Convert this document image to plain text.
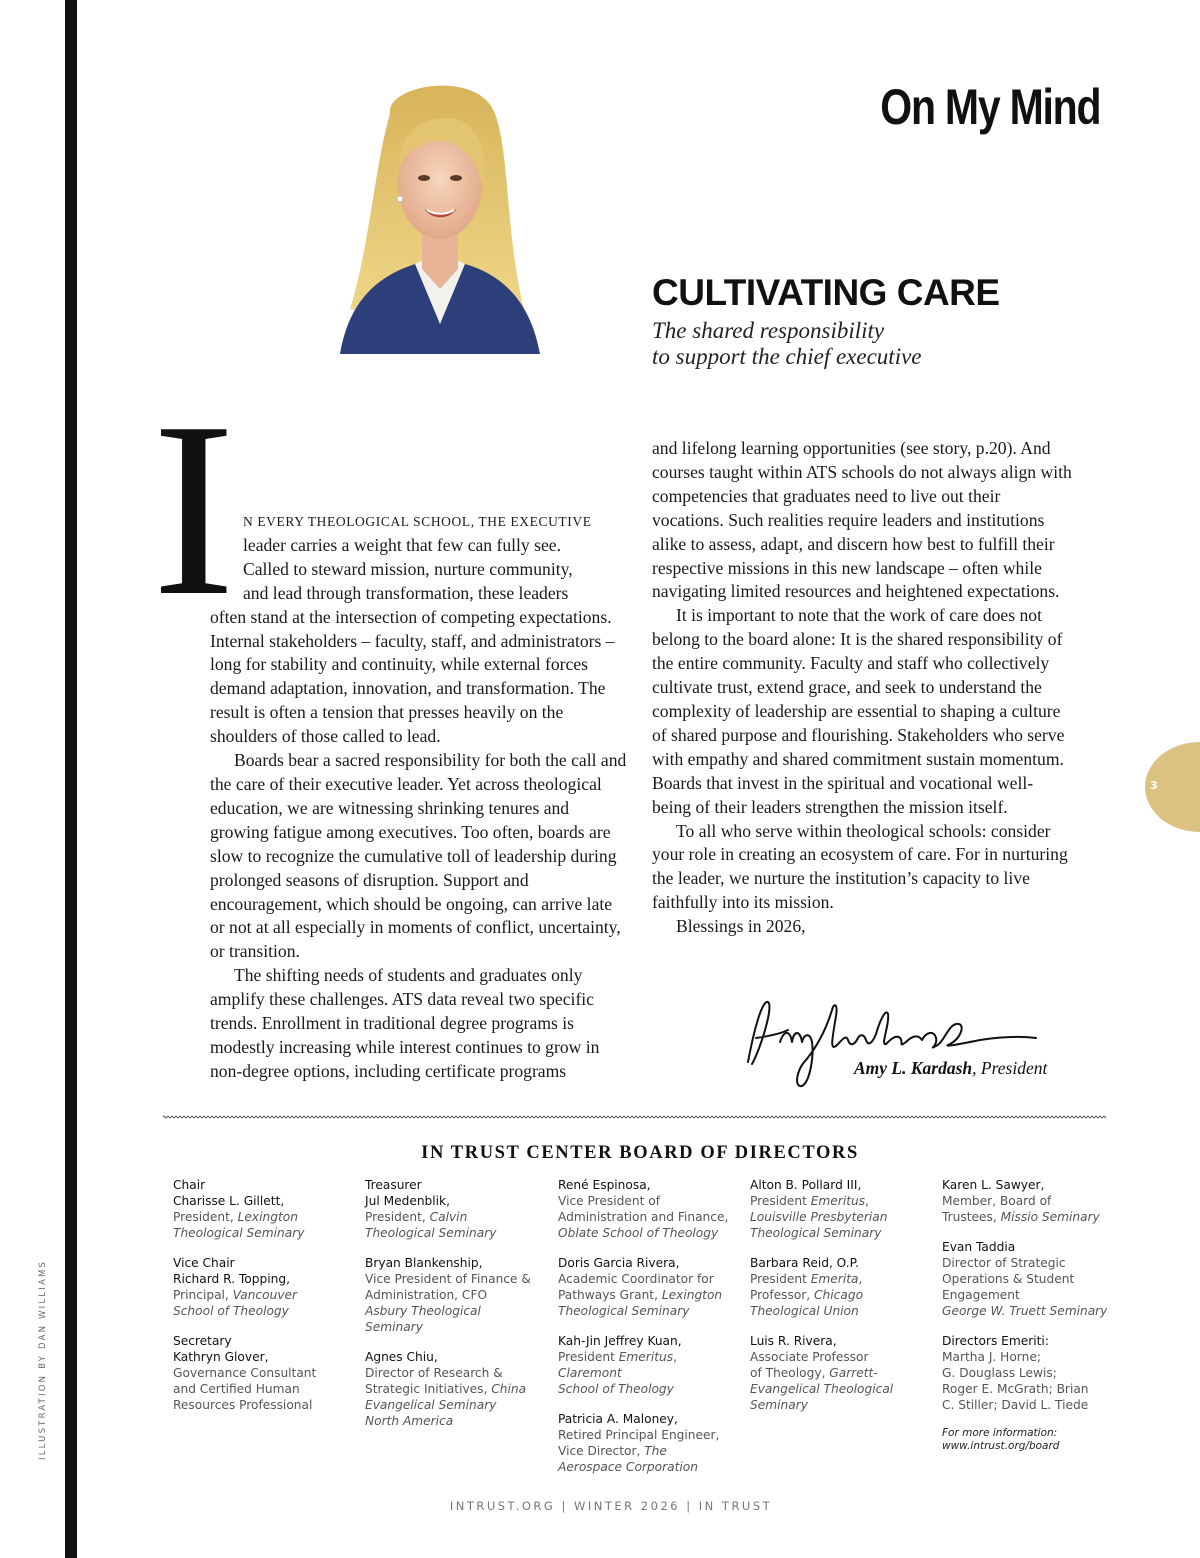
ILLUSTRATION BY DAN WILLIAMS
On My Mind
CULTIVATING CARE
The shared responsibility
to support the chief executive
I N EVERY THEOLOGICAL SCHOOL, THE EXECUTIVE
leader carries a weight that few can fully see.
Called to steward mission, nurture community,
and lead through transformation, these leaders

often stand at the intersection of competing expectations. Internal stakeholders – faculty, staff, and administrators – long for stability and continuity, while external forces demand adaptation, innovation, and transformation. The result is often a tension that presses heavily on the shoulders of those called to lead.

Boards bear a sacred responsibility for both the call and the care of their executive leader. Yet across theological education, we are witnessing shrinking tenures and growing fatigue among executives. Too often, boards are slow to recognize the cumulative toll of leadership during prolonged seasons of disruption. Support and encouragement, which should be ongoing, can arrive late or not at all especially in moments of conflict, uncertainty, or transition.

The shifting needs of students and graduates only amplify these challenges. ATS data reveal two specific trends. Enrollment in traditional degree programs is modestly increasing while interest continues to grow in non-degree options, including certificate programs

and lifelong learning opportunities (see story, p.20). And courses taught within ATS schools do not always align with competencies that graduates need to live out their vocations. Such realities require leaders and institutions alike to assess, adapt, and discern how best to fulfill their respective missions in this new landscape – often while navigating limited resources and heightened expectations.

It is important to note that the work of care does not belong to the board alone: It is the shared responsibility of the entire community. Faculty and staff who collectively cultivate trust, extend grace, and seek to understand the complexity of leadership are essential to shaping a culture of shared purpose and flourishing. Stakeholders who serve with empathy and shared commitment sustain momentum. Boards that invest in the spiritual and vocational well-being of their leaders strengthen the mission itself.

To all who serve within theological schools: consider your role in creating an ecosystem of care. For in nurturing the leader, we nurture the institution’s capacity to live faithfully into its mission.

Blessings in 2026,

Amy L. Kardash, President
IN TRUST CENTER BOARD OF DIRECTORS
Chair
Charisse L. Gillett,
President, Lexington
Theological Seminary
Vice Chair
Richard R. Topping,
Principal, Vancouver
School of Theology
Secretary
Kathryn Glover,
Governance Consultant
and Certified Human
Resources Professional
Treasurer
Jul Medenblik,
President, Calvin
Theological Seminary
Bryan Blankenship,
Vice President of Finance &
Administration, CFO
Asbury Theological
Seminary
Agnes Chiu,
Director of Research &
Strategic Initiatives, China
Evangelical Seminary
North America
René Espinosa,
Vice President of
Administration and Finance,
Oblate School of Theology
Doris Garcia Rivera,
Academic Coordinator for
Pathways Grant, Lexington
Theological Seminary
Kah-Jin Jeffrey Kuan,
President Emeritus,
Claremont
School of Theology
Patricia A. Maloney,
Retired Principal Engineer,
Vice Director, The
Aerospace Corporation
Alton B. Pollard III,
President Emeritus,
Louisville Presbyterian
Theological Seminary
Barbara Reid, O.P.
President Emerita,
Professor, Chicago
Theological Union
Luis R. Rivera,
Associate Professor
of Theology, Garrett-
Evangelical Theological
Seminary
Karen L. Sawyer,
Member, Board of
Trustees, Missio Seminary
Evan Taddia
Director of Strategic
Operations & Student
Engagement
George W. Truett Seminary
Directors Emeriti:
Martha J. Horne;
G. Douglass Lewis;
Roger E. McGrath; Brian
C. Stiller; David L. Tiede
For more information:
www.intrust.org/board
INTRUST.ORG | WINTER 2026 | IN TRUST
3
